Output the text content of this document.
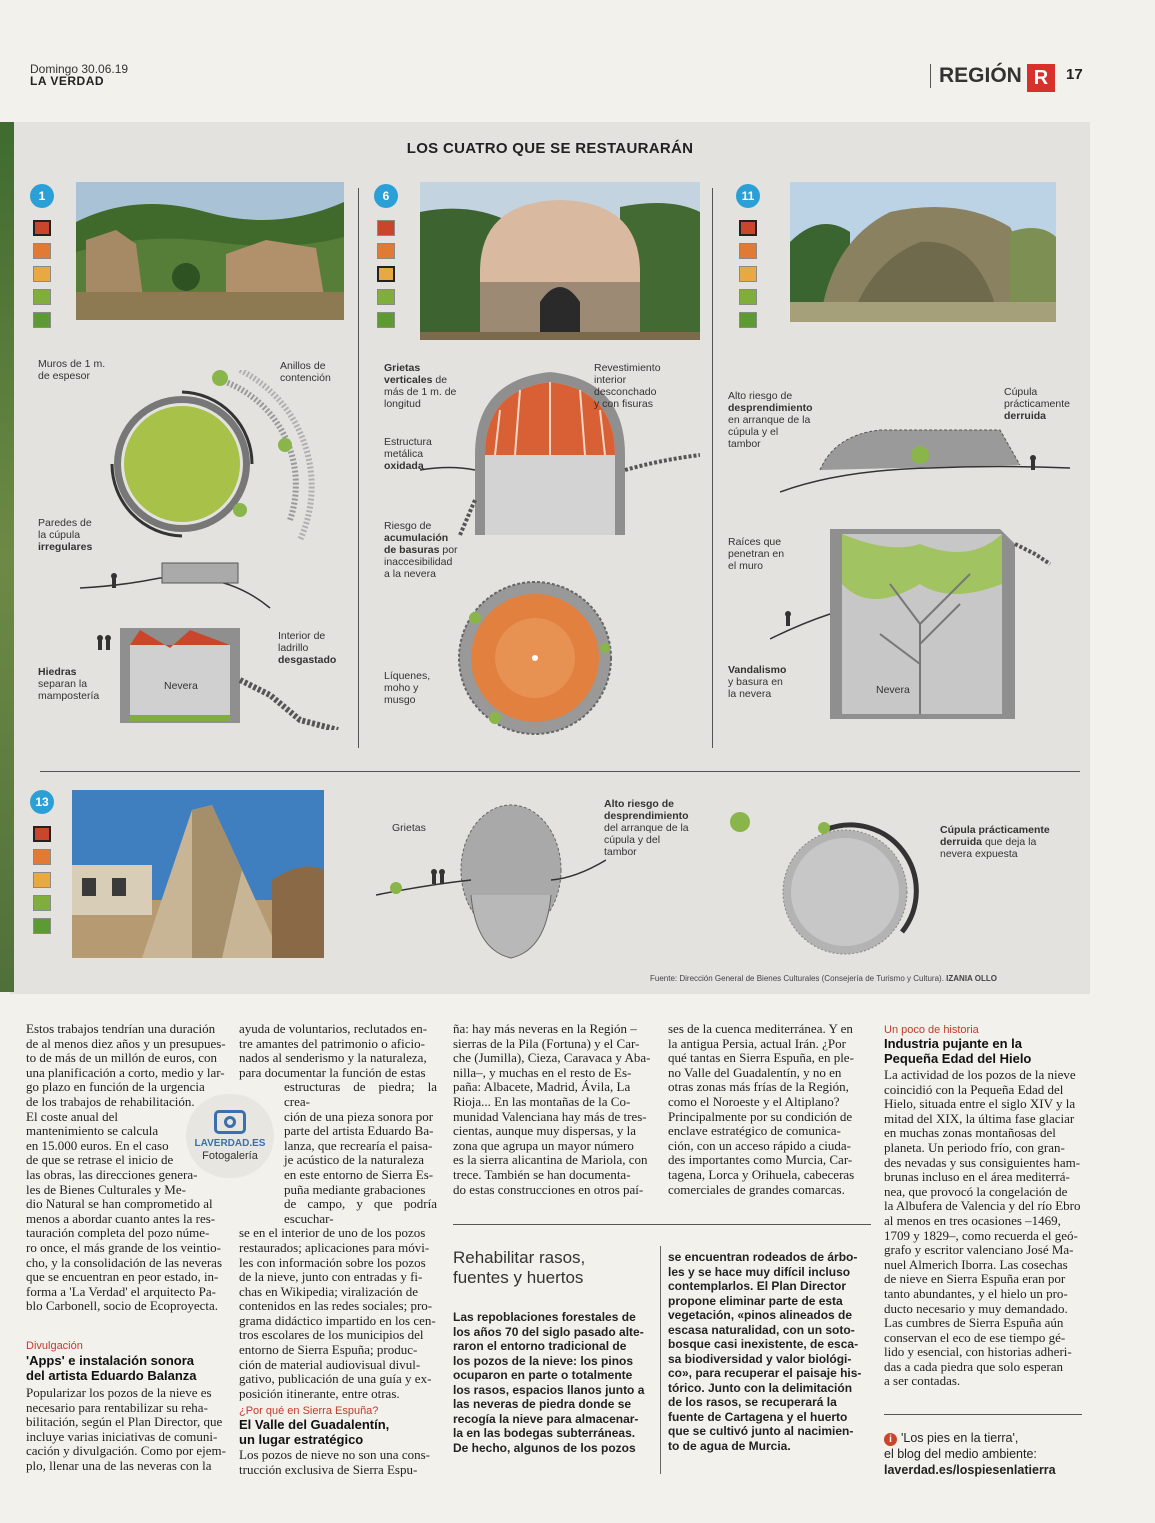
Domingo 30.06.19
LA VERDAD	REGIÓN R	17
LOS CUATRO QUE SE RESTAURARÁN
1
Muros de 1 m.
de espesor
Anillos de
contención
Paredes de
la cúpula
irregulares
Interior de
ladrillo
desgastado
Hiedras
separan la
mampostería
Nevera
6
Grietas
verticales de
más de 1 m. de
longitud
Revestimiento
interior
desconchado
y con fisuras
Estructura
metálica
oxidada
Riesgo de
acumulación
de basuras por
inaccesibilidad
a la nevera
Líquenes,
moho y
musgo
11
Alto riesgo de
desprendimiento
en arranque de la
cúpula y el
tambor
Cúpula
prácticamente
derruida
Raíces que
penetran en
el muro
Vandalismo
y basura en
la nevera	Nevera
13
Grietas
Alto riesgo de
desprendimiento
del arranque de la
cúpula y del
tambor
Cúpula prácticamente
derruida que deja la
nevera expuesta
Fuente: Dirección General de Bienes Culturales (Consejería de Turismo y Cultura). IZANIA OLLO
Estos trabajos tendrían una duración
de al menos diez años y un presupues-
to de más de un millón de euros, con
una planificación a corto, medio y lar-
go plazo en función de la urgencia
de los trabajos de rehabilitación.
El coste anual del
mantenimiento se calcula
en 15.000 euros. En el caso
de que se retrase el inicio de
las obras, las direcciones genera-
les de Bienes Culturales y Me-
dio Natural se han comprometido al
menos a abordar cuanto antes la res-
tauración completa del pozo núme-
ro once, el más grande de los veintio-
cho, y la consolidación de las neveras
que se encuentran en peor estado, in-
forma a 'La Verdad' el arquitecto Pa-
blo Carbonell, socio de Ecoproyecta.
Divulgación
'Apps' e instalación sonora
del artista Eduardo Balanza
Popularizar los pozos de la nieve es
necesario para rentabilizar su reha-
bilitación, según el Plan Director, que
incluye varias iniciativas de comuni-
cación y divulgación. Como por ejem-
plo, llenar una de las neveras con la
LAVERDAD.ES
Fotogalería
ayuda de voluntarios, reclutados en-
tre amantes del patrimonio o aficio-
nados al senderismo y la naturaleza,
para documentar la función de estas
estructuras de piedra; la crea-
ción de una pieza sonora por
parte del artista Eduardo Ba-
lanza, que recrearía el paisa-
je acústico de la naturaleza
en este entorno de Sierra Es-
puña mediante grabaciones
de campo, y que podría escuchar-
se en el interior de uno de los pozos
restaurados; aplicaciones para móvi-
les con información sobre los pozos
de la nieve, junto con entradas y fi-
chas en Wikipedia; viralización de
contenidos en las redes sociales; pro-
grama didáctico impartido en los cen-
tros escolares de los municipios del
entorno de Sierra Espuña; produc-
ción de material audiovisual divul-
gativo, publicación de una guía y ex-
posición itinerante, entre otras.
¿Por qué en Sierra Espuña?
El Valle del Guadalentín,
un lugar estratégico
Los pozos de nieve no son una cons-
trucción exclusiva de Sierra Espu-
ña: hay más neveras en la Región –
sierras de la Pila (Fortuna) y el Car-
che (Jumilla), Cieza, Caravaca y Aba-
nilla–, y muchas en el resto de Es-
paña: Albacete, Madrid, Ávila, La
Rioja... En las montañas de la Co-
munidad Valenciana hay más de tres-
cientas, aunque muy dispersas, y la
zona que agrupa un mayor número
es la sierra alicantina de Mariola, con
trece. También se han documenta-
do estas construcciones en otros paí-
ses de la cuenca mediterránea. Y en
la antigua Persia, actual Irán. ¿Por
qué tantas en Sierra Espuña, en ple-
no Valle del Guadalentín, y no en
otras zonas más frías de la Región,
como el Noroeste y el Altiplano?
Principalmente por su condición de
enclave estratégico de comunica-
ción, con un acceso rápido a ciuda-
des importantes como Murcia, Car-
tagena, Lorca y Orihuela, cabeceras
comerciales de grandes comarcas.
Rehabilitar rasos,
fuentes y huertos
Las repoblaciones forestales de
los años 70 del siglo pasado alte-
raron el entorno tradicional de
los pozos de la nieve: los pinos
ocuparon en parte o totalmente
los rasos, espacios llanos junto a
las neveras de piedra donde se
recogía la nieve para almacenar-
la en las bodegas subterráneas.
De hecho, algunos de los pozos
se encuentran rodeados de árbo-
les y se hace muy difícil incluso
contemplarlos. El Plan Director
propone eliminar parte de esta
vegetación, «pinos alineados de
escasa naturalidad, con un soto-
bosque casi inexistente, de esca-
sa biodiversidad y valor biológi-
co», para recuperar el paisaje his-
tórico. Junto con la delimitación
de los rasos, se recuperará la
fuente de Cartagena y el huerto
que se cultivó junto al nacimien-
to de agua de Murcia.
Un poco de historia
Industria pujante en la
Pequeña Edad del Hielo
La actividad de los pozos de la nieve
coincidió con la Pequeña Edad del
Hielo, situada entre el siglo XIV y la
mitad del XIX, la última fase glaciar
en muchas zonas montañosas del
planeta. Un periodo frío, con gran-
des nevadas y sus consiguientes ham-
brunas incluso en el área mediterrá-
nea, que provocó la congelación de
la Albufera de Valencia y del río Ebro
al menos en tres ocasiones –1469,
1709 y 1829–, como recuerda el geó-
grafo y escritor valenciano José Ma-
nuel Almerich Iborra. Las cosechas
de nieve en Sierra Espuña eran por
tanto abundantes, y el hielo un pro-
ducto necesario y muy demandado.
Las cumbres de Sierra Espuña aún
conservan el eco de ese tiempo gé-
lido y esencial, con historias adheri-
das a cada piedra que solo esperan
a ser contadas.
i 'Los pies en la tierra',
el blog del medio ambiente:
laverdad.es/lospiesenlatierra
